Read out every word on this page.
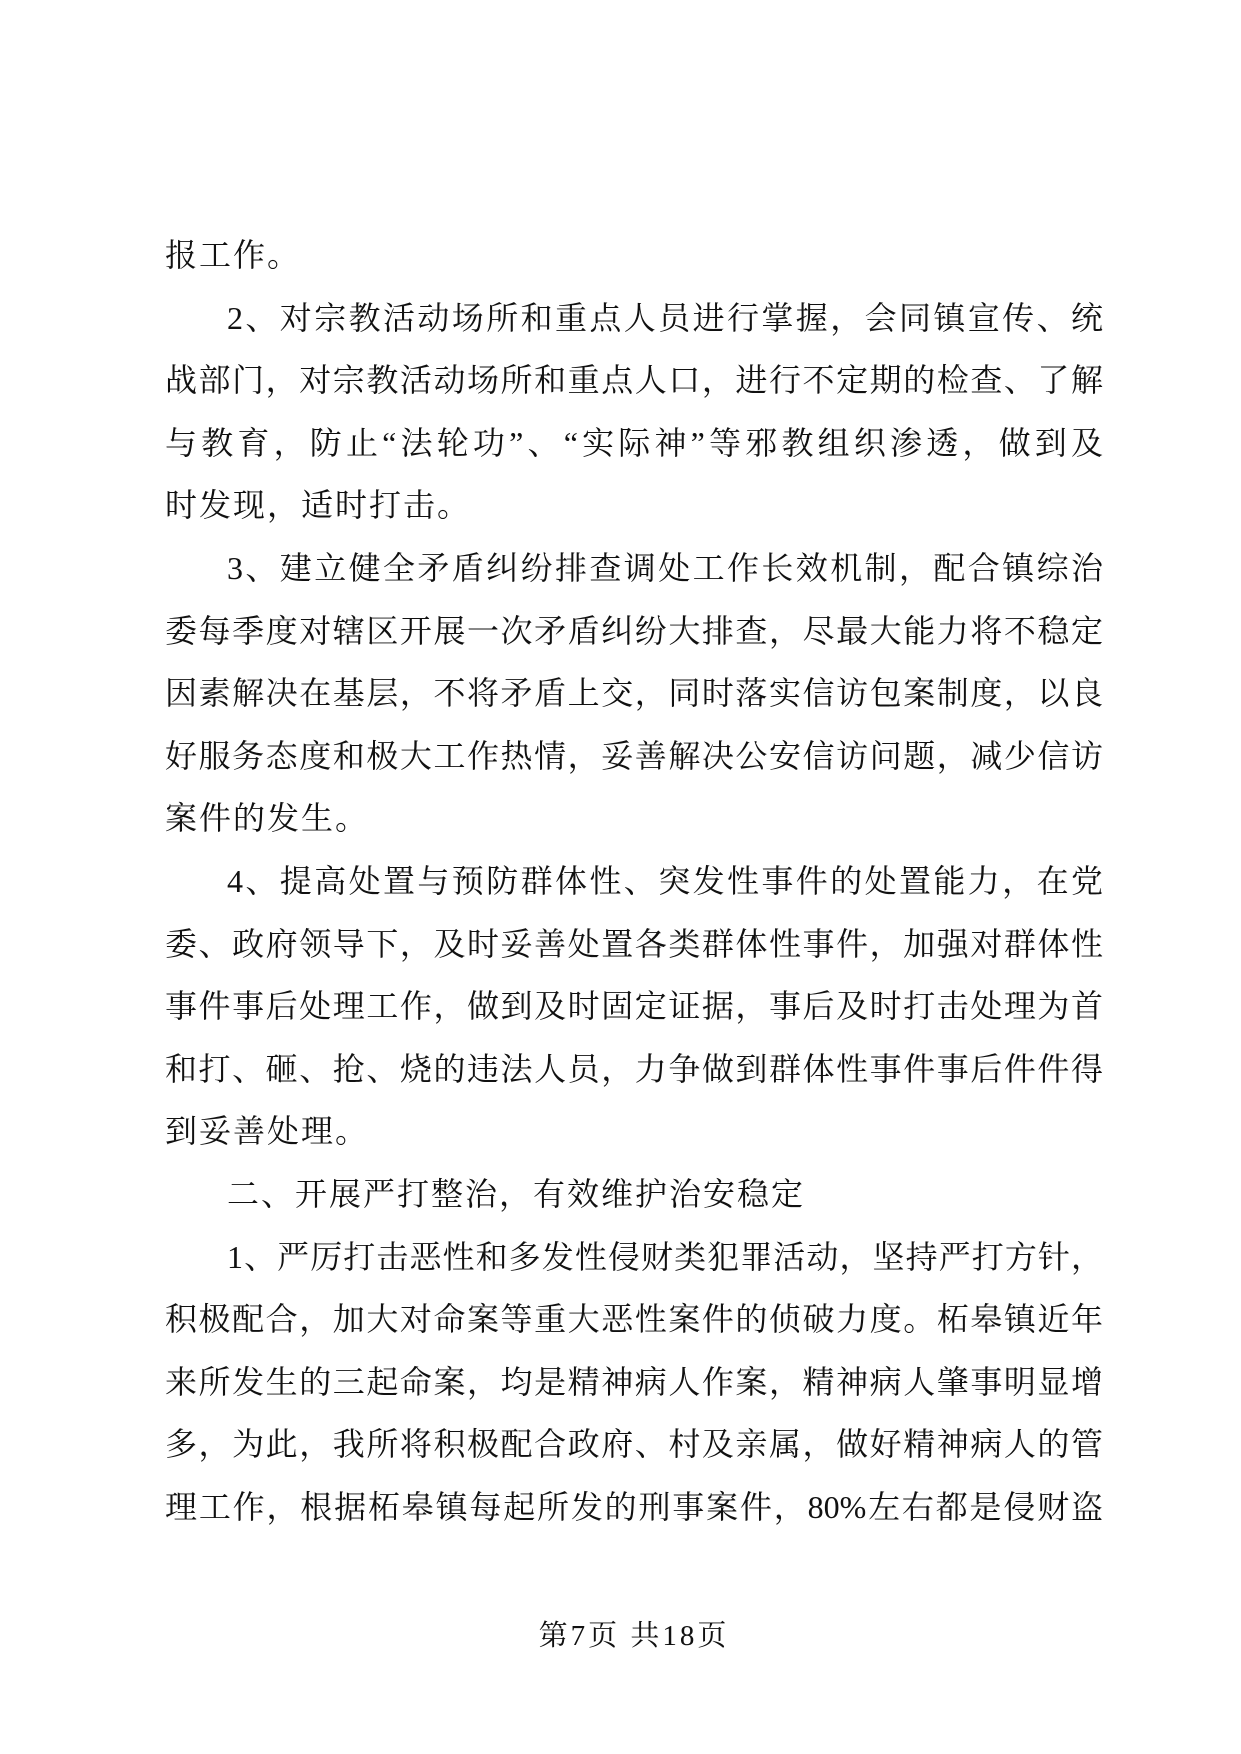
报工作。
2、对宗教活动场所和重点人员进行掌握，会同镇宣传、统
战部门，对宗教活动场所和重点人口，进行不定期的检查、了解
与教育，防止“法轮功”、“实际神”等邪教组织渗透，做到及
时发现，适时打击。
3、建立健全矛盾纠纷排查调处工作长效机制，配合镇综治
委每季度对辖区开展一次矛盾纠纷大排查，尽最大能力将不稳定
因素解决在基层，不将矛盾上交，同时落实信访包案制度，以良
好服务态度和极大工作热情，妥善解决公安信访问题，减少信访
案件的发生。
4、提高处置与预防群体性、突发性事件的处置能力，在党
委、政府领导下，及时妥善处置各类群体性事件，加强对群体性
事件事后处理工作，做到及时固定证据，事后及时打击处理为首
和打、砸、抢、烧的违法人员，力争做到群体性事件事后件件得
到妥善处理。
二、开展严打整治，有效维护治安稳定
1、严厉打击恶性和多发性侵财类犯罪活动，坚持严打方针，
积极配合，加大对命案等重大恶性案件的侦破力度。柘皋镇近年
来所发生的三起命案，均是精神病人作案，精神病人肇事明显增
多，为此，我所将积极配合政府、村及亲属，做好精神病人的管
理工作，根据柘皋镇每起所发的刑事案件，80%左右都是侵财盗
第7页 共18页
